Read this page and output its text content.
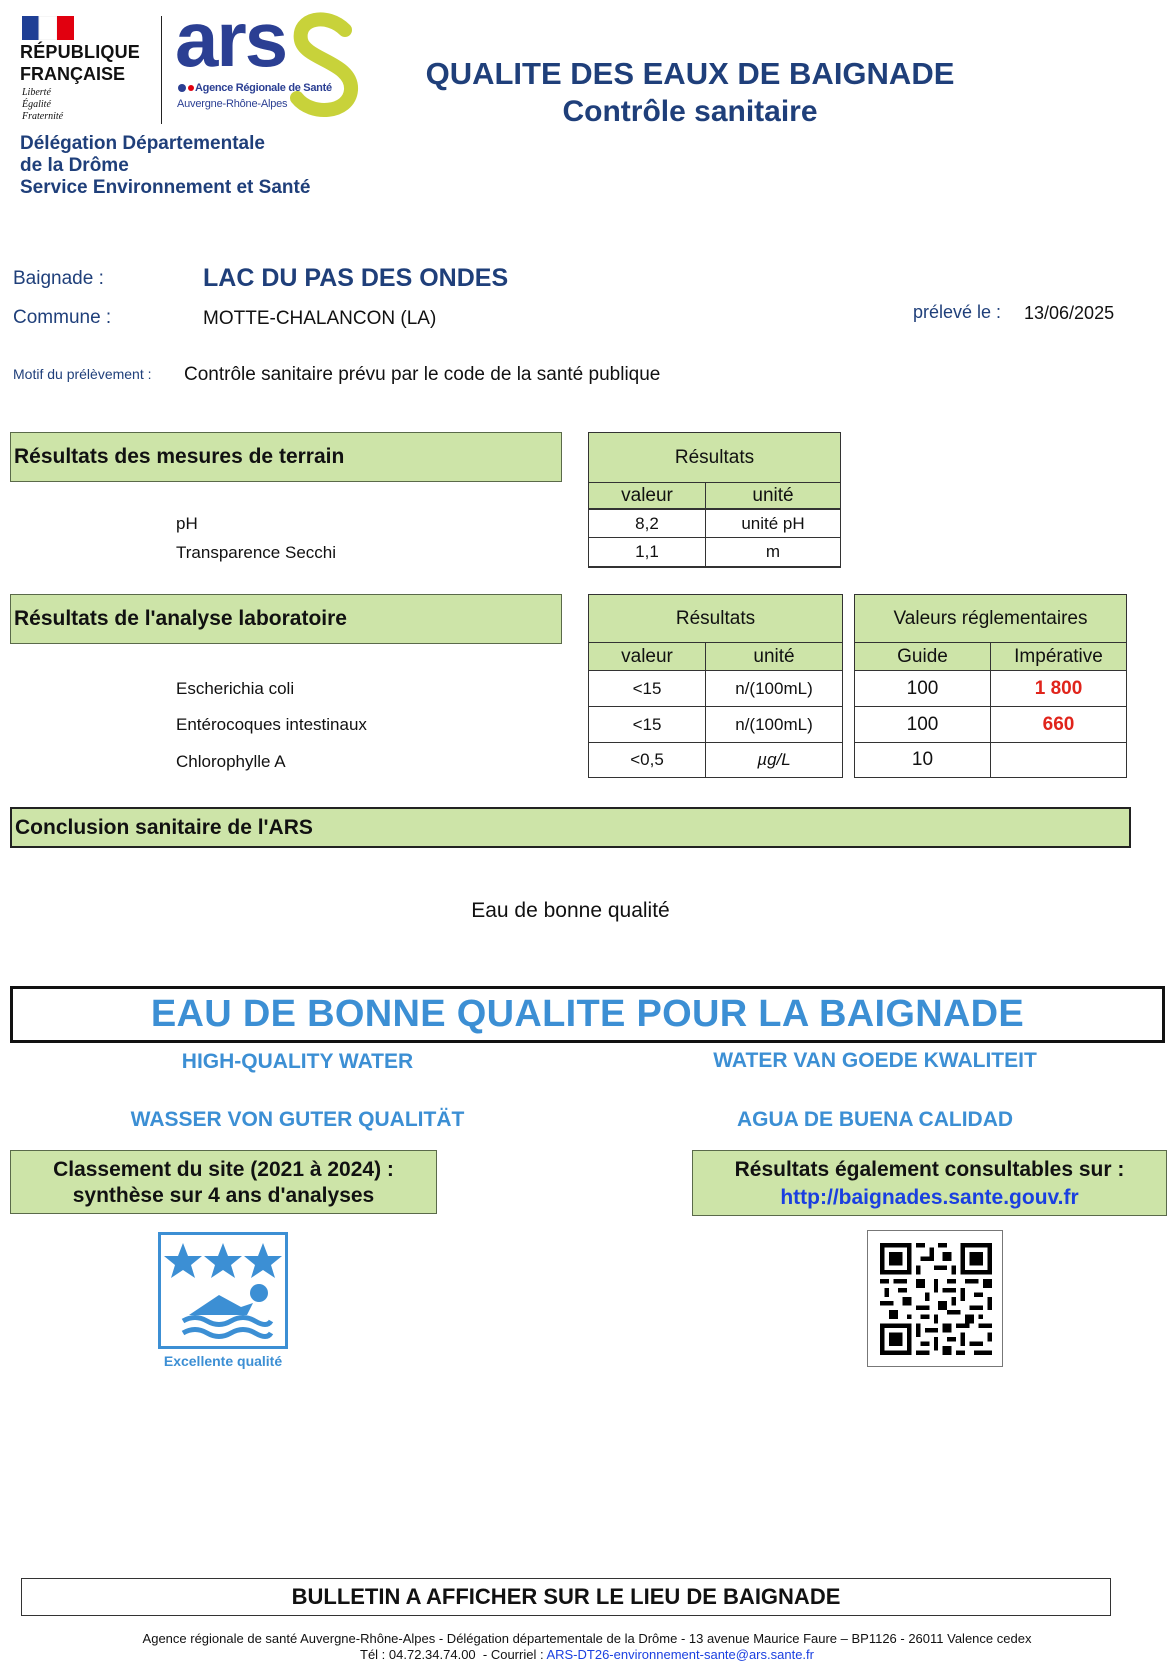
RÉPUBLIQUE
FRANÇAISE
Liberté
Égalité
Fraternité
ars
Agence Régionale de Santé
Auvergne-Rhône-Alpes
Délégation Départementale
de la Drôme
Service Environnement et Santé
QUALITE DES EAUX DE BAIGNADE
Contrôle sanitaire
Baignade :	LAC DU PAS DES ONDES
Commune :	MOTTE-CHALANCON (LA)	prélevé le : 13/06/2025
Motif du prélèvement : Contrôle sanitaire prévu par le code de la santé publique
Résultats des mesures de terrain	Résultats
valeur	unité
pH	8,2	unité pH
Transparence Secchi	1,1	m
Résultats de l'analyse laboratoire	Résultats
valeur	unité
Valeurs réglementaires
Guide	Impérative
Escherichia coli	<15	n/(100mL)	100	1 800
Entérocoques intestinaux	<15	n/(100mL)	100	660
Chlorophylle A	<0,5	µg/L	10
Conclusion sanitaire de l'ARS
Eau de bonne qualité
EAU DE BONNE QUALITE POUR LA BAIGNADE
HIGH-QUALITY WATER	WATER VAN GOEDE KWALITEIT
WASSER VON GUTER QUALITÄT	AGUA DE BUENA CALIDAD
Classement du site (2021 à 2024) :
synthèse sur 4 ans d'analyses
Résultats également consultables sur :
http://baignades.sante.gouv.fr
Excellente qualité
BULLETIN A AFFICHER SUR LE LIEU DE BAIGNADE
Agence régionale de santé Auvergne-Rhône-Alpes - Délégation départementale de la Drôme - 13 avenue Maurice Faure – BP1126 - 26011 Valence cedex
Tél : 04.72.34.74.00  - Courriel : ARS-DT26-environnement-sante@ars.sante.fr
